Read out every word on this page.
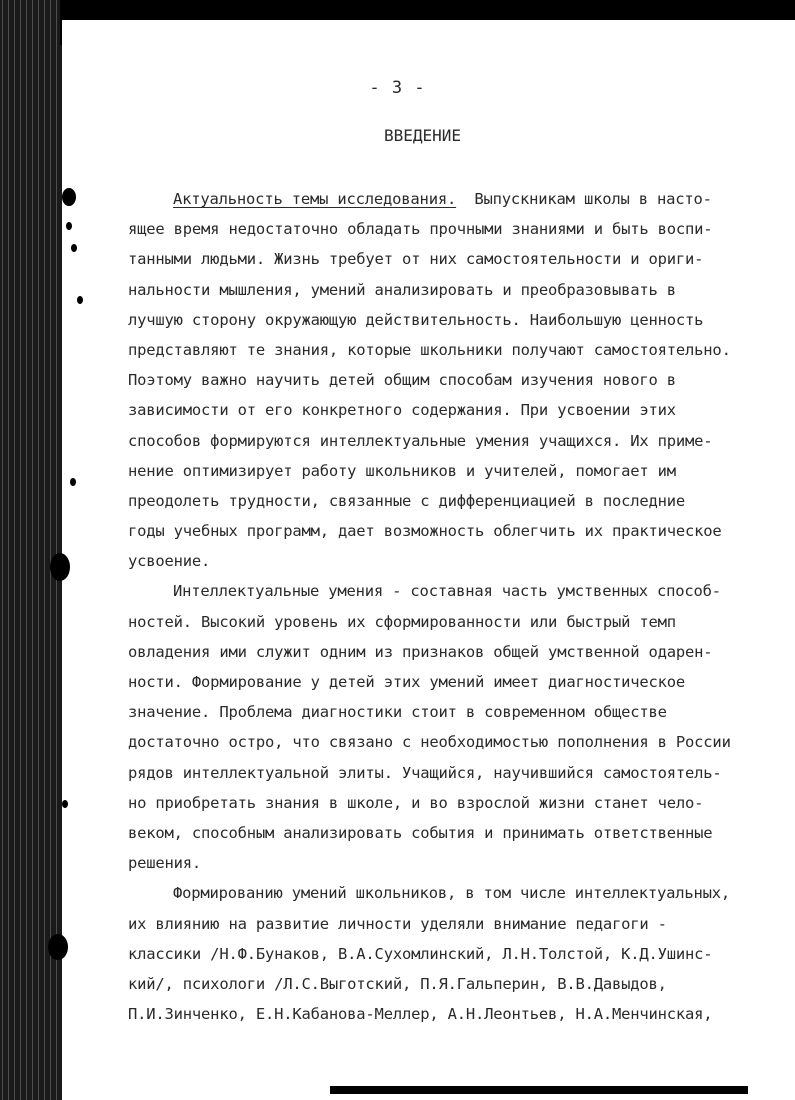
- 3 -
ВВЕДЕНИЕ
Актуальность темы исследования.  Выпускникам школы в насто-
ящее время недостаточно обладать прочными знаниями и быть воспи-
танными людьми. Жизнь требует от них самостоятельности и ориги-
нальности мышления, умений анализировать и преобразовывать в
лучшую сторону окружающую действительность. Наибольшую ценность
представляют те знания, которые школьники получают самостоятельно.
Поэтому важно научить детей общим способам изучения нового в
зависимости от его конкретного содержания. При усвоении этих
способов формируются интеллектуальные умения учащихся. Их приме-
нение оптимизирует работу школьников и учителей, помогает им
преодолеть трудности, связанные с дифференциацией в последние
годы учебных программ, дает возможность облегчить их практическое
усвоение.
Интеллектуальные умения - составная часть умственных способ-
ностей. Высокий уровень их сформированности или быстрый темп
овладения ими служит одним из признаков общей умственной одарен-
ности. Формирование у детей этих умений имеет диагностическое
значение. Проблема диагностики стоит в современном обществе
достаточно остро, что связано с необходимостью пополнения в России
рядов интеллектуальной элиты. Учащийся, научившийся самостоятель-
но приобретать знания в школе, и во взрослой жизни станет чело-
веком, способным анализировать события и принимать ответственные
решения.
Формированию умений школьников, в том числе интеллектуальных,
их влиянию на развитие личности уделяли внимание педагоги -
классики /Н.Ф.Бунаков, В.А.Сухомлинский, Л.Н.Толстой, К.Д.Ушинс-
кий/, психологи /Л.С.Выготский, П.Я.Гальперин, В.В.Давыдов,
П.И.Зинченко, Е.Н.Кабанова-Меллер, А.Н.Леонтьев, Н.А.Менчинская,
